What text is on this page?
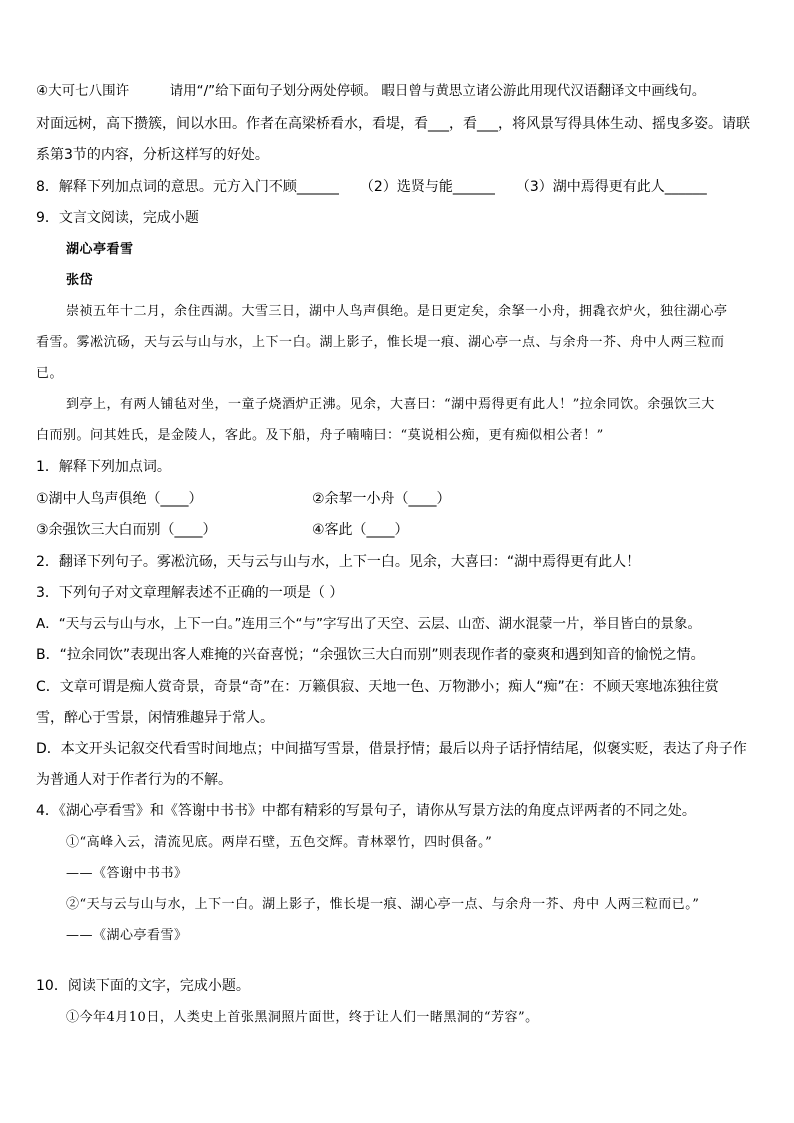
④大可七八围许　　　请用“/”给下面句子划分两处停顿。 暇日曾与黄思立诸公游此用现代汉语翻译文中画线句。
对面远树，高下攒簇，间以水田。作者在高梁桥看水，看堤，看___，看___，将风景写得具体生动、摇曳多姿。请联
系第3节的内容，分析这样写的好处。
8．解释下列加点词的意思。元方入门不顾______　　（2）选贤与能______　　（3）湖中焉得更有此人______
9．文言文阅读，完成小题
湖心亭看雪
张岱
崇祯五年十二月，余住西湖。大雪三日，湖中人鸟声俱绝。是日更定矣，余拏一小舟，拥毳衣炉火，独往湖心亭
看雪。雾凇沆砀，天与云与山与水，上下一白。湖上影子，惟长堤一痕、湖心亭一点、与余舟一芥、舟中人两三粒而
已。
到亭上，有两人铺毡对坐，一童子烧酒炉正沸。见余，大喜曰：“湖中焉得更有此人！”拉余同饮。余强饮三大
白而别。问其姓氏，是金陵人，客此。及下船，舟子喃喃曰：“莫说相公痴，更有痴似相公者！”
1．解释下列加点词。
①湖中人鸟声俱绝（____）	②余挈一小舟（____）
③余强饮三大白而别（____）	④客此（____）
2．翻译下列句子。雾凇沆砀，天与云与山与水，上下一白。见余，大喜曰：“湖中焉得更有此人！
3．下列句子对文章理解表述不正确的一项是（ ）
A．“天与云与山与水，上下一白。”连用三个“与”字写出了天空、云层、山峦、湖水混蒙一片，举目皆白的景象。
B．“拉余同饮”表现出客人难掩的兴奋喜悦；“余强饮三大白而别”则表现作者的豪爽和遇到知音的愉悦之情。
C．文章可谓是痴人赏奇景，奇景“奇”在：万籁俱寂、天地一色、万物渺小；痴人“痴”在：不顾天寒地冻独往赏
雪，醉心于雪景，闲情雅趣异于常人。
D．本文开头记叙交代看雪时间地点；中间描写雪景，借景抒情；最后以舟子话抒情结尾，似褒实贬，表达了舟子作
为普通人对于作者行为的不解。
4．《湖心亭看雪》和《答谢中书书》中都有精彩的写景句子，请你从写景方法的角度点评两者的不同之处。
①“高峰入云，清流见底。两岸石壁，五色交辉。青林翠竹，四时俱备。”
——《答谢中书书》
②“天与云与山与水，上下一白。湖上影子，惟长堤一痕、湖心亭一点、与余舟一芥、舟中 人两三粒而已。”
——《湖心亭看雪》
10．阅读下面的文字，完成小题。
①今年4月10日，人类史上首张黑洞照片面世，终于让人们一睹黑洞的“芳容”。
